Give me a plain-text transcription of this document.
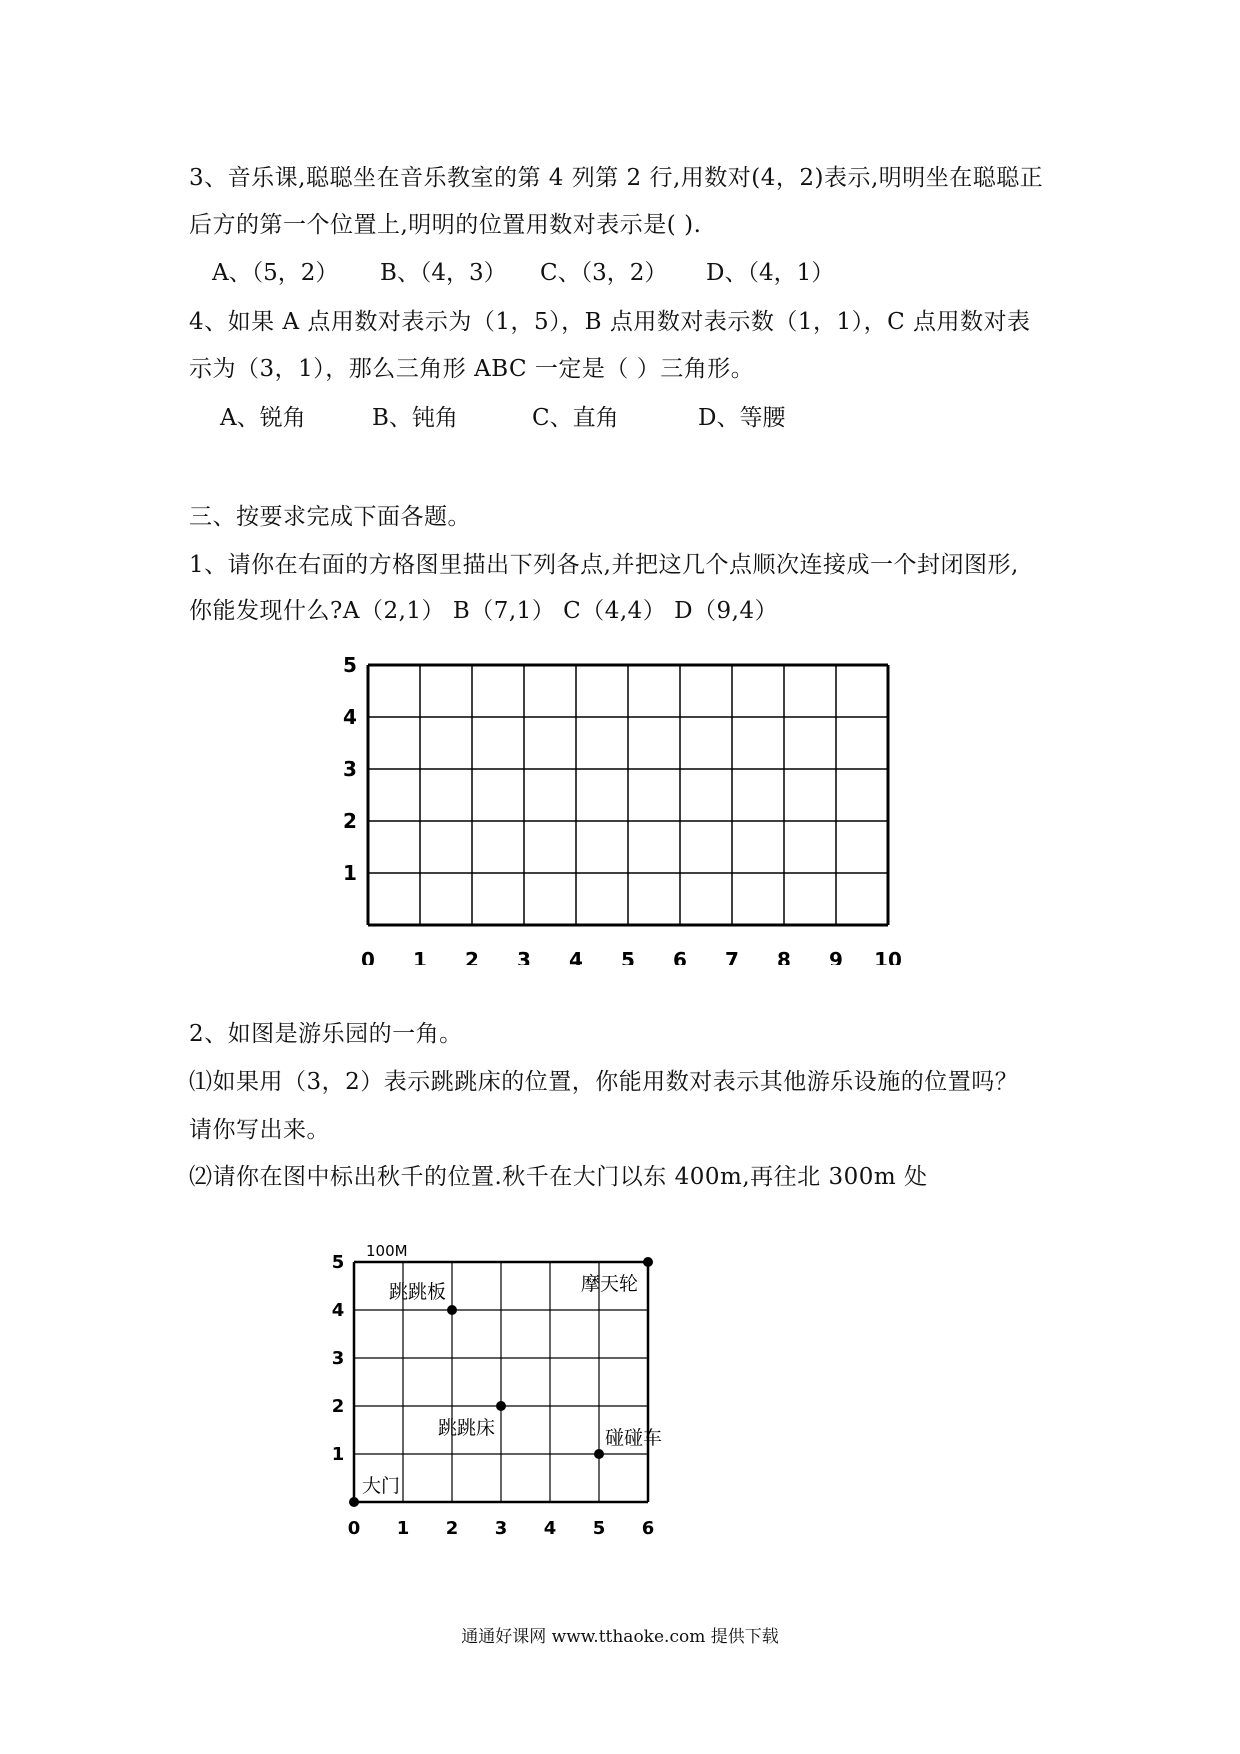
3、音乐课,聪聪坐在音乐教室的第 4 列第 2 行,用数对(4，2)表示,明明坐在聪聪正
后方的第一个位置上,明明的位置用数对表示是( ).
A、（5，2） B、（4，3） C、（3，2） D、（4，1）
4、如果 A 点用数对表示为（1，5），B 点用数对表示数（1，1），C 点用数对表
示为（3，1），那么三角形 ABC 一定是（ ）三角形。
A、锐角	B、钝角	C、直角	D、等腰
三、按要求完成下面各题。
1、请你在右面的方格图里描出下列各点,并把这几个点顺次连接成一个封闭图形,
你能发现什么?A（2,1） B（7,1） C（4,4） D（9,4）
0 1 2 3 4 5 6 7 8 9 10
1
2
3
4
5
2、如图是游乐园的一角。
⑴如果用（3，2）表示跳跳床的位置，你能用数对表示其他游乐设施的位置吗？
请你写出来。
⑵请你在图中标出秋千的位置.秋千在大门以东 400m,再往北 300m 处
100M
0 1 2 3 4 5 6
1
2
3
4
5
大门
跳跳板	摩天轮
跳跳床	碰碰车
通通好课网 www.tthaoke.com 提供下载
